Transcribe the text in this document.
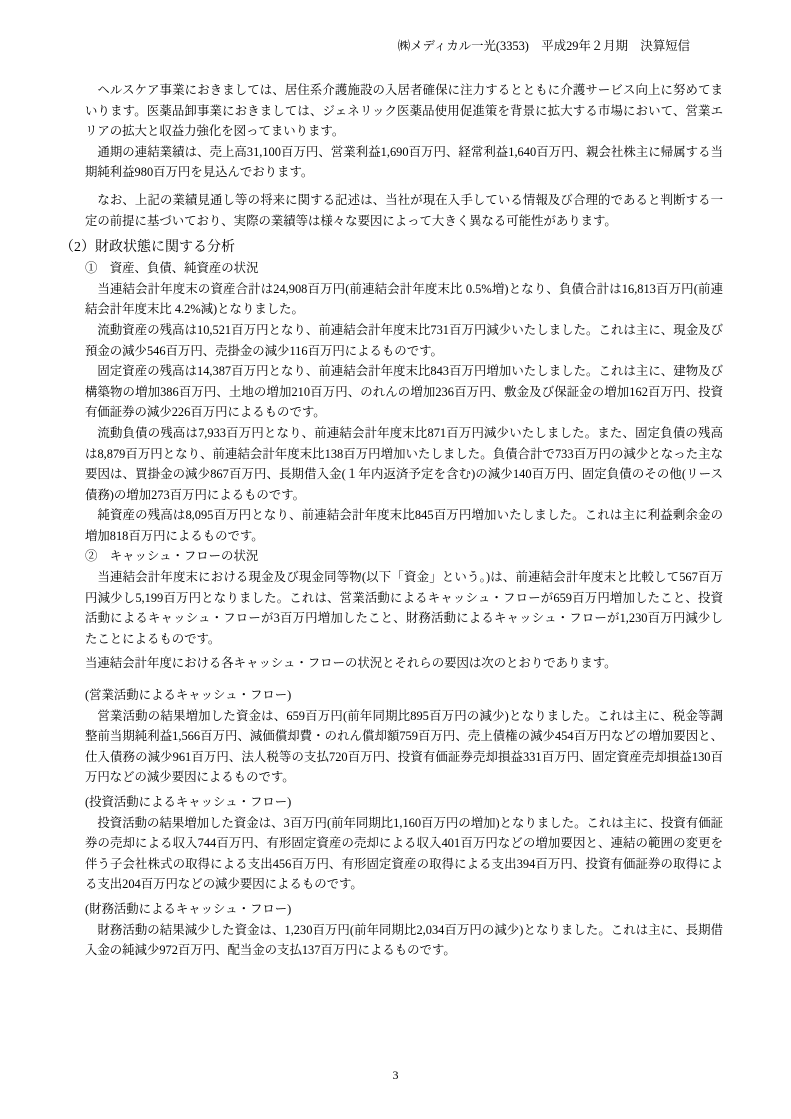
㈱メディカル一光(3353)　平成29年２月期　決算短信

ヘルスケア事業におきましては、居住系介護施設の入居者確保に注力するとともに介護サービス向上に努めてまいります。医薬品卸事業におきましては、ジェネリック医薬品使用促進策を背景に拡大する市場において、営業エリアの拡大と収益力強化を図ってまいります。

通期の連結業績は、売上高31,100百万円、営業利益1,690百万円、経常利益1,640百万円、親会社株主に帰属する当期純利益980百万円を見込んでおります。

なお、上記の業績見通し等の将来に関する記述は、当社が現在入手している情報及び合理的であると判断する一定の前提に基づいており、実際の業績等は様々な要因によって大きく異なる可能性があります。

（2）財政状態に関する分析
①　資産、負債、純資産の状況

当連結会計年度末の資産合計は24,908百万円(前連結会計年度末比 0.5%増)となり、負債合計は16,813百万円(前連結会計年度末比 4.2%減)となりました。

流動資産の残高は10,521百万円となり、前連結会計年度末比731百万円減少いたしました。これは主に、現金及び預金の減少546百万円、売掛金の減少116百万円によるものです。

固定資産の残高は14,387百万円となり、前連結会計年度末比843百万円増加いたしました。これは主に、建物及び構築物の増加386百万円、土地の増加210百万円、のれんの増加236百万円、敷金及び保証金の増加162百万円、投資有価証券の減少226百万円によるものです。

流動負債の残高は7,933百万円となり、前連結会計年度末比871百万円減少いたしました。また、固定負債の残高は8,879百万円となり、前連結会計年度末比138百万円増加いたしました。負債合計で733百万円の減少となった主な要因は、買掛金の減少867百万円、長期借入金(１年内返済予定を含む)の減少140百万円、固定負債のその他(リース債務)の増加273百万円によるものです。

純資産の残高は8,095百万円となり、前連結会計年度末比845百万円増加いたしました。これは主に利益剰余金の増加818百万円によるものです。

②　キャッシュ・フローの状況

当連結会計年度末における現金及び現金同等物(以下「資金」という。)は、前連結会計年度末と比較して567百万円減少し5,199百万円となりました。これは、営業活動によるキャッシュ・フローが659百万円増加したこと、投資活動によるキャッシュ・フローが3百万円増加したこと、財務活動によるキャッシュ・フローが1,230百万円減少したことによるものです。

当連結会計年度における各キャッシュ・フローの状況とそれらの要因は次のとおりであります。

(営業活動によるキャッシュ・フロー)

営業活動の結果増加した資金は、659百万円(前年同期比895百万円の減少)となりました。これは主に、税金等調整前当期純利益1,566百万円、減価償却費・のれん償却額759百万円、売上債権の減少454百万円などの増加要因と、仕入債務の減少961百万円、法人税等の支払720百万円、投資有価証券売却損益331百万円、固定資産売却損益130百万円などの減少要因によるものです。

(投資活動によるキャッシュ・フロー)

投資活動の結果増加した資金は、3百万円(前年同期比1,160百万円の増加)となりました。これは主に、投資有価証券の売却による収入744百万円、有形固定資産の売却による収入401百万円などの増加要因と、連結の範囲の変更を伴う子会社株式の取得による支出456百万円、有形固定資産の取得による支出394百万円、投資有価証券の取得による支出204百万円などの減少要因によるものです。

(財務活動によるキャッシュ・フロー)

財務活動の結果減少した資金は、1,230百万円(前年同期比2,034百万円の減少)となりました。これは主に、長期借入金の純減少972百万円、配当金の支払137百万円によるものです。

3
